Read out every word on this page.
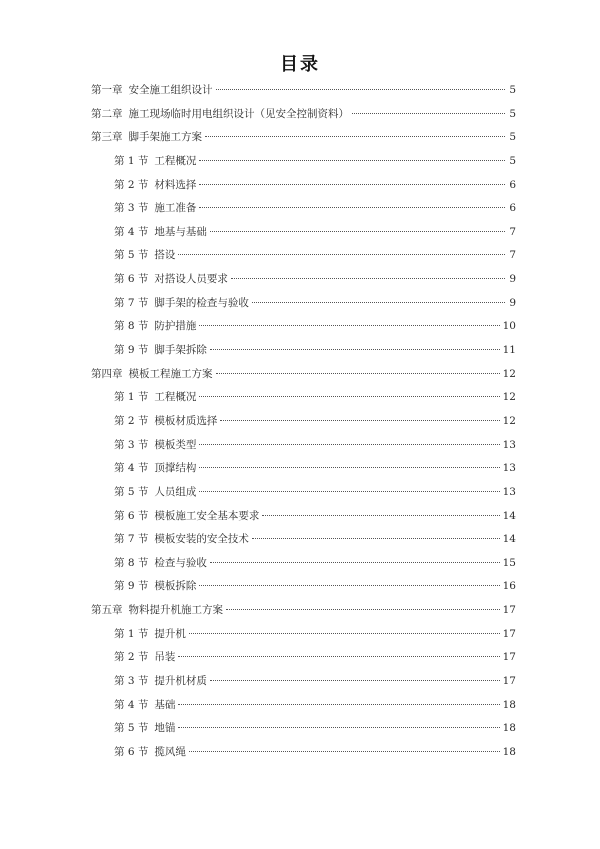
目录
第一章 安全施工组织设计	5
第二章 施工现场临时用电组织设计（见安全控制资料）	5
第三章 脚手架施工方案	5
第 1 节 工程概况	5
第 2 节 材料选择	6
第 3 节 施工准备	6
第 4 节 地基与基础	7
第 5 节 搭设	7
第 6 节 对搭设人员要求	9
第 7 节 脚手架的检查与验收	9
第 8 节 防护措施	10
第 9 节 脚手架拆除	11
第四章 模板工程施工方案	12
第 1 节 工程概况	12
第 2 节 模板材质选择	12
第 3 节 模板类型	13
第 4 节 顶撑结构	13
第 5 节 人员组成	13
第 6 节 模板施工安全基本要求	14
第 7 节 模板安装的安全技术	14
第 8 节 检查与验收	15
第 9 节 模板拆除	16
第五章 物料提升机施工方案	17
第 1 节 提升机	17
第 2 节 吊装	17
第 3 节 提升机材质	17
第 4 节 基础	18
第 5 节 地锚	18
第 6 节 揽风绳	18
